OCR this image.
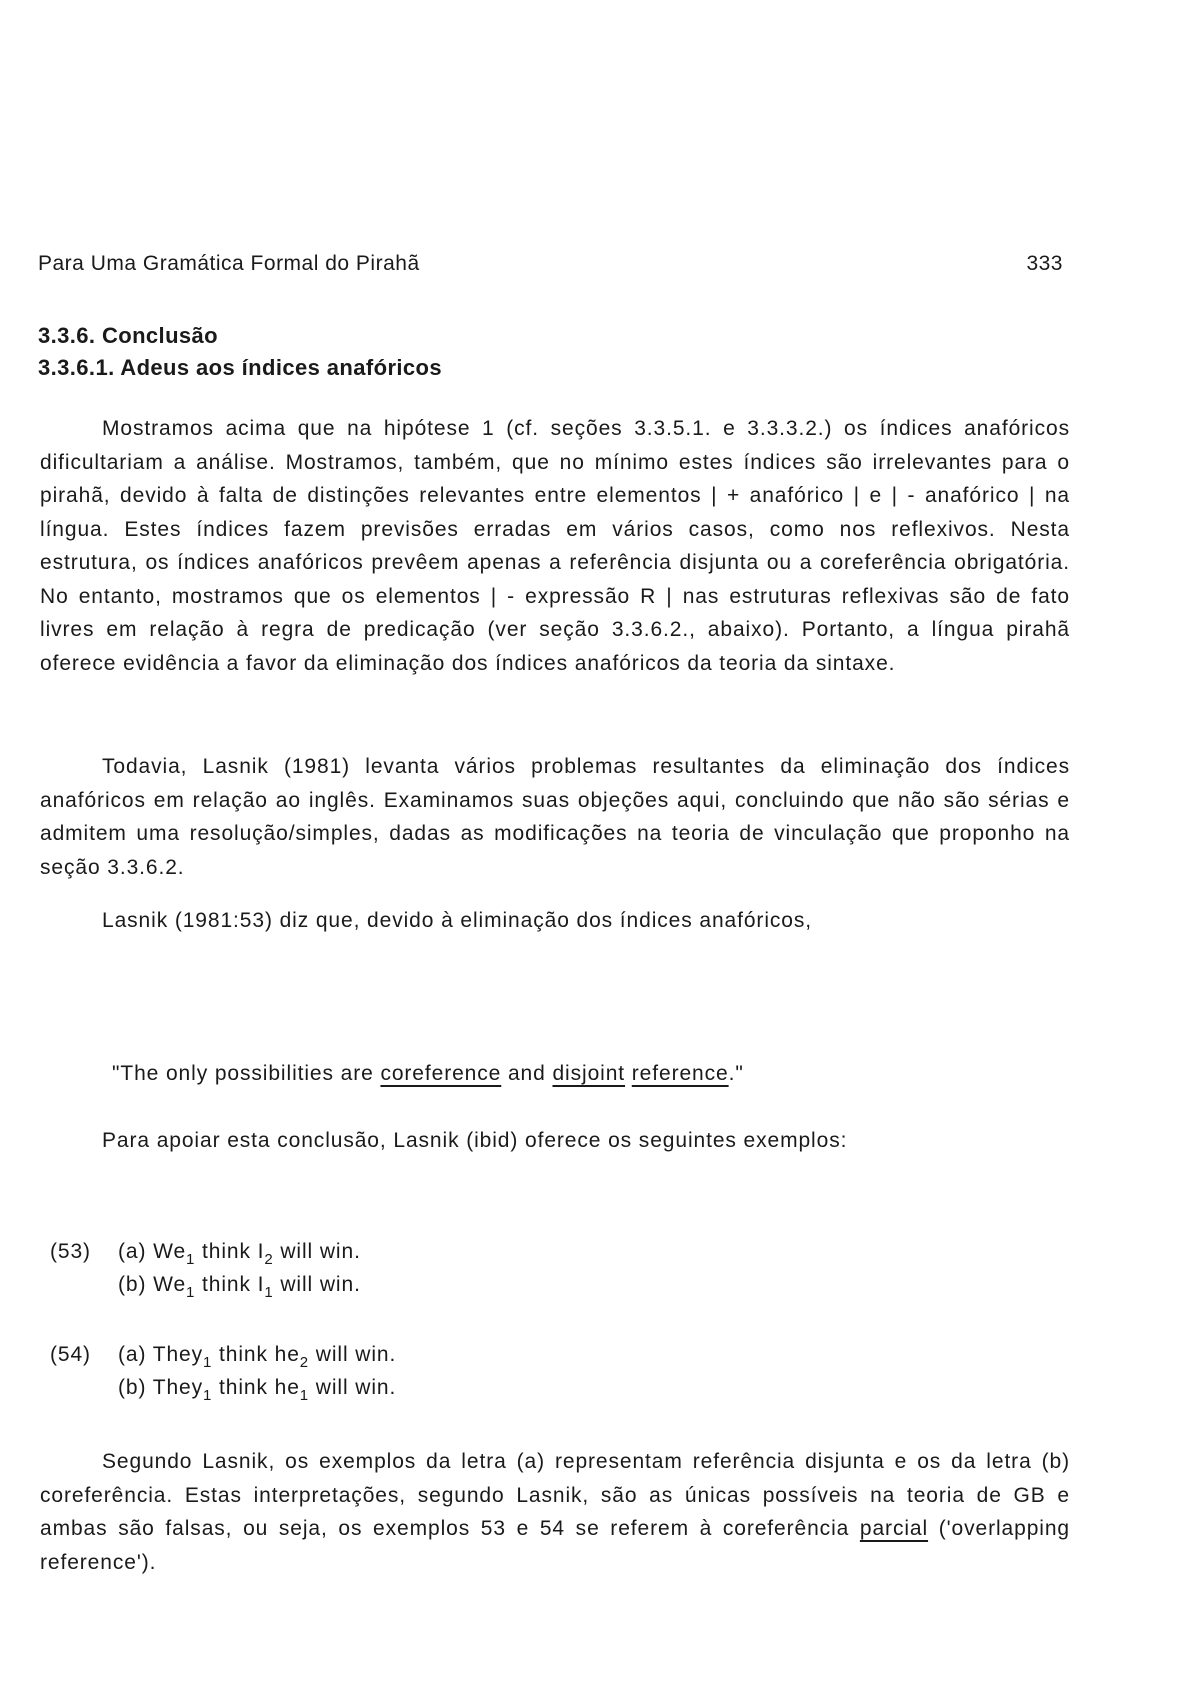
Para Uma Gramática Formal do Pirahã	333
3.3.6. Conclusão
3.3.6.1. Adeus aos índices anafóricos

Mostramos acima que na hipótese 1 (cf. seções 3.3.5.1. e 3.3.3.2.) os índices anafóricos dificultariam a análise. Mostramos, também, que no mínimo estes índices são irrelevantes para o pirahã, devido à falta de distinções relevantes entre elementos | + anafórico | e | - anafórico | na língua. Estes índices fazem previsões erradas em vários casos, como nos reflexivos. Nesta estrutura, os índices anafóricos prevêem apenas a referência disjunta ou a coreferência obrigatória. No entanto, mostramos que os elementos | - expressão R | nas estruturas reflexivas são de fato livres em relação à regra de predicação (ver seção 3.3.6.2., abaixo). Portanto, a língua pirahã oferece evidência a favor da eliminação dos índices anafóricos da teoria da sintaxe.

Todavia, Lasnik (1981) levanta vários problemas resultantes da eliminação dos índices anafóricos em relação ao inglês. Examinamos suas objeções aqui, concluindo que não são sérias e admitem uma resolução/simples, dadas as modificações na teoria de vinculação que proponho na seção 3.3.6.2.

Lasnik (1981:53) diz que, devido à eliminação dos índices anafóricos,

"The only possibilities are coreference and disjoint reference."

Para apoiar esta conclusão, Lasnik (ibid) oferece os seguintes exemplos:

(53) (a) $We_1$ think $I_2$ will win.
(b) $We_1$ think $I_1$ will win.
(54) (a) They$_1$ think $he_2$ will win.
(b) They$_1$ think $he_1$ will win.

Segundo Lasnik, os exemplos da letra (a) representam referência disjunta e os da letra (b) coreferência. Estas interpretações, segundo Lasnik, são as únicas possíveis na teoria de GB e ambas são falsas, ou seja, os exemplos 53 e 54 se referem à coreferência parcial ('overlapping reference').
